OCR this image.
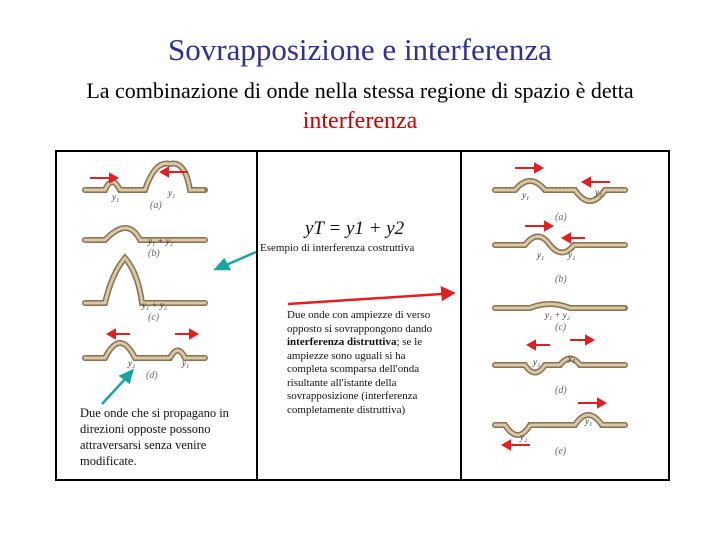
Sovrapposizione e interferenza
La combinazione di onde nella stessa regione di spazio è detta
interferenza
y₁	y₂
(a)
y₁ + y₂
(b)
y₁ + y₂
(c)
y₂	y₁
(d)
Due onde che si propagano in
direzioni opposte possono
attraversarsi senza venire
modificate.
yT = y1 + y2
Esempio di interferenza costruttiva
Due onde con ampiezze di verso
opposto si sovrappongono dando
interferenza distruttiva; se le
ampiezze sono uguali si ha
completa scomparsa dell'onda
risultante all'istante della
sovrapposizione (interferenza
completamente distruttiva)
y₁	y₂
(a)
y₁	y₂
(b)
y₁ + y₂
(c)
y₂	y₁
(d)
y₂
y₁
(e)
